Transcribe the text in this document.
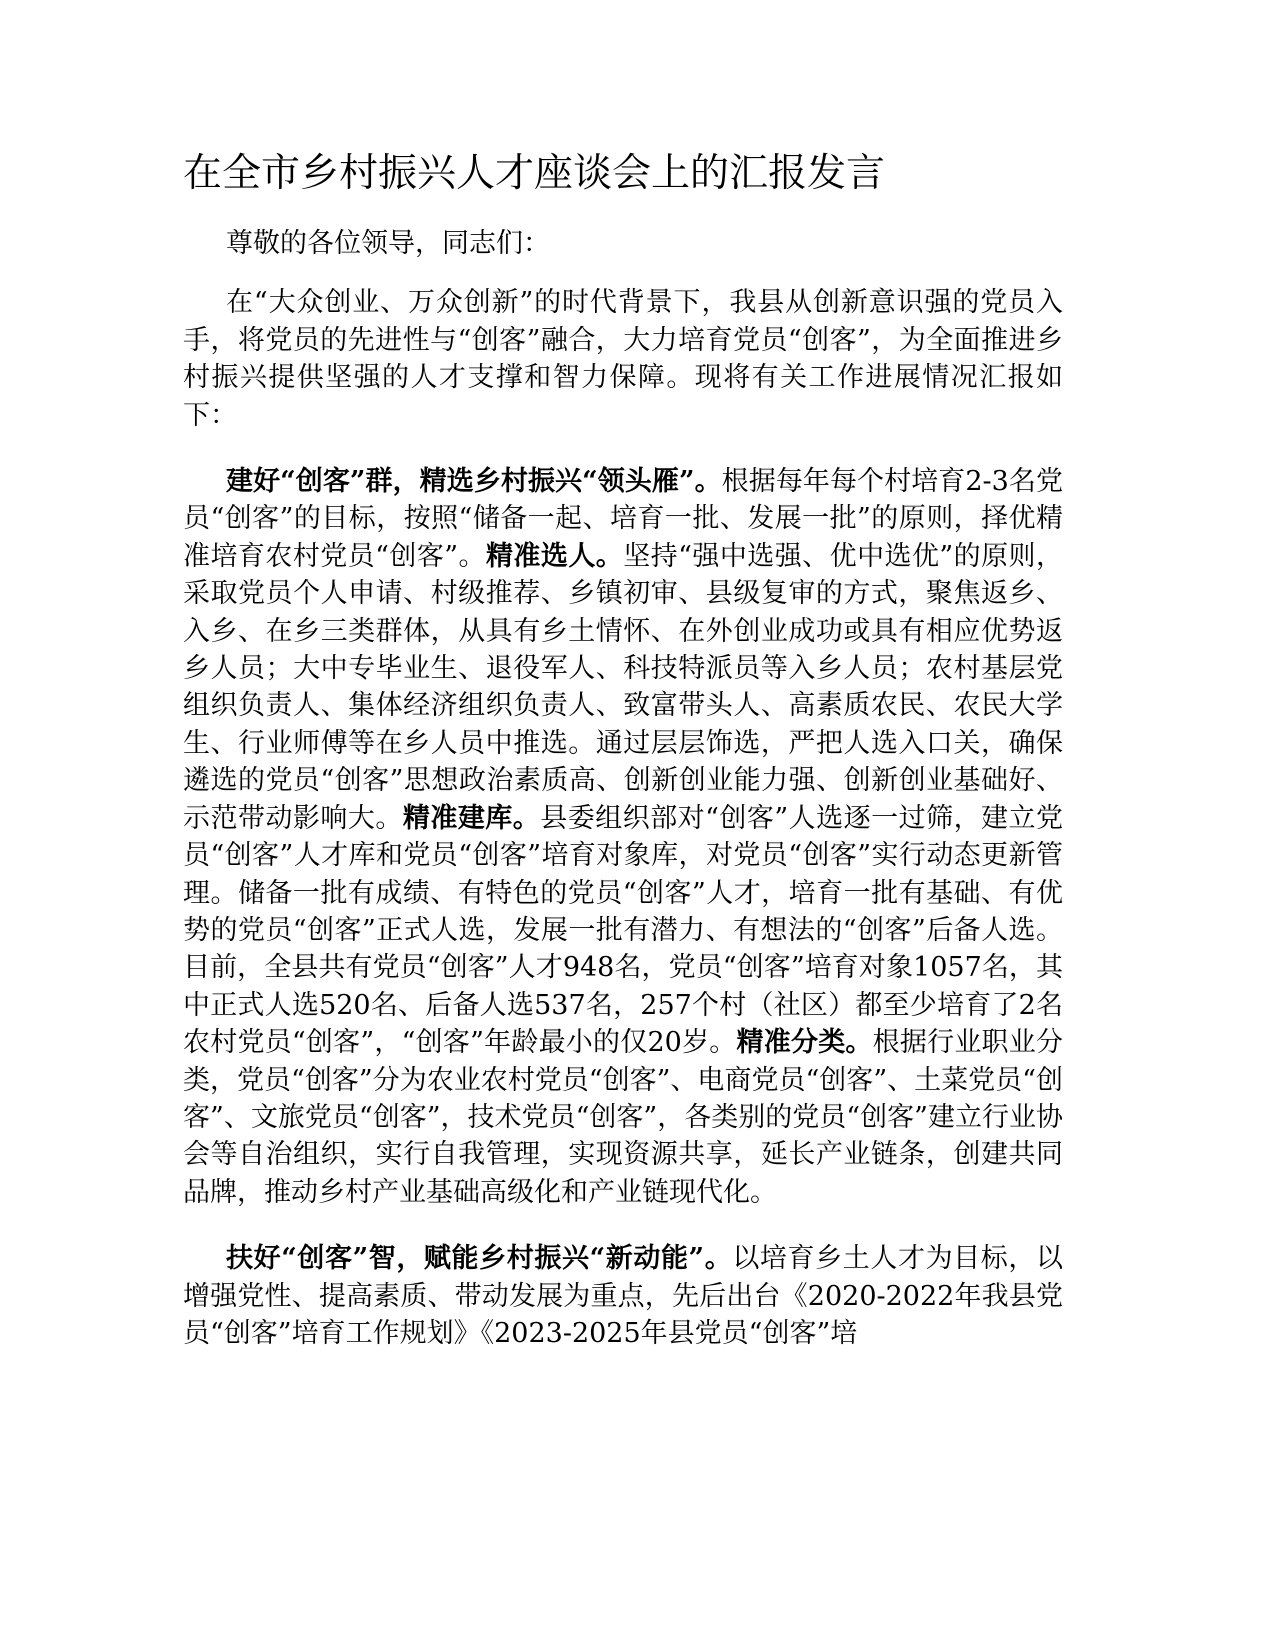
在全市乡村振兴人才座谈会上的汇报发言

尊敬的各位领导，同志们：

在“大众创业、万众创新”的时代背景下，我县从创新意识强的党员入手，将党员的先进性与“创客”融合，大力培育党员“创客”，为全面推进乡村振兴提供坚强的人才支撑和智力保障。现将有关工作进展情况汇报如下：

建好“创客”群，精选乡村振兴“领头雁”。根据每年每个村培育2-3名党员“创客”的目标，按照“储备一起、培育一批、发展一批”的原则，择优精准培育农村党员“创客”。精准选人。坚持“强中选强、优中选优”的原则，采取党员个人申请、村级推荐、乡镇初审、县级复审的方式，聚焦返乡、入乡、在乡三类群体，从具有乡土情怀、在外创业成功或具有相应优势返乡人员；大中专毕业生、退役军人、科技特派员等入乡人员；农村基层党组织负责人、集体经济组织负责人、致富带头人、高素质农民、农民大学生、行业师傅等在乡人员中推选。通过层层饰选，严把人选入口关，确保遴选的党员“创客”思想政治素质高、创新创业能力强、创新创业基础好、示范带动影响大。精准建库。县委组织部对“创客”人选逐一过筛，建立党员“创客”人才库和党员“创客”培育对象库，对党员“创客”实行动态更新管理。储备一批有成绩、有特色的党员“创客”人才，培育一批有基础、有优势的党员“创客”正式人选，发展一批有潜力、有想法的“创客”后备人选。目前，全县共有党员“创客”人才948名，党员“创客”培育对象1057名，其中正式人选520名、后备人选537名，257个村（社区）都至少培育了2名农村党员“创客”，“创客”年龄最小的仅20岁。精准分类。根据行业职业分类，党员“创客”分为农业农村党员“创客”、电商党员“创客”、土菜党员“创客”、文旅党员“创客”，技术党员“创客”，各类别的党员“创客”建立行业协会等自治组织，实行自我管理，实现资源共享，延长产业链条，创建共同品牌，推动乡村产业基础高级化和产业链现代化。

扶好“创客”智，赋能乡村振兴“新动能”。以培育乡土人才为目标，以增强党性、提高素质、带动发展为重点，先后出台《2020-2022年我县党员“创客”培育工作规划》《2023-2025年县党员“创客”培
